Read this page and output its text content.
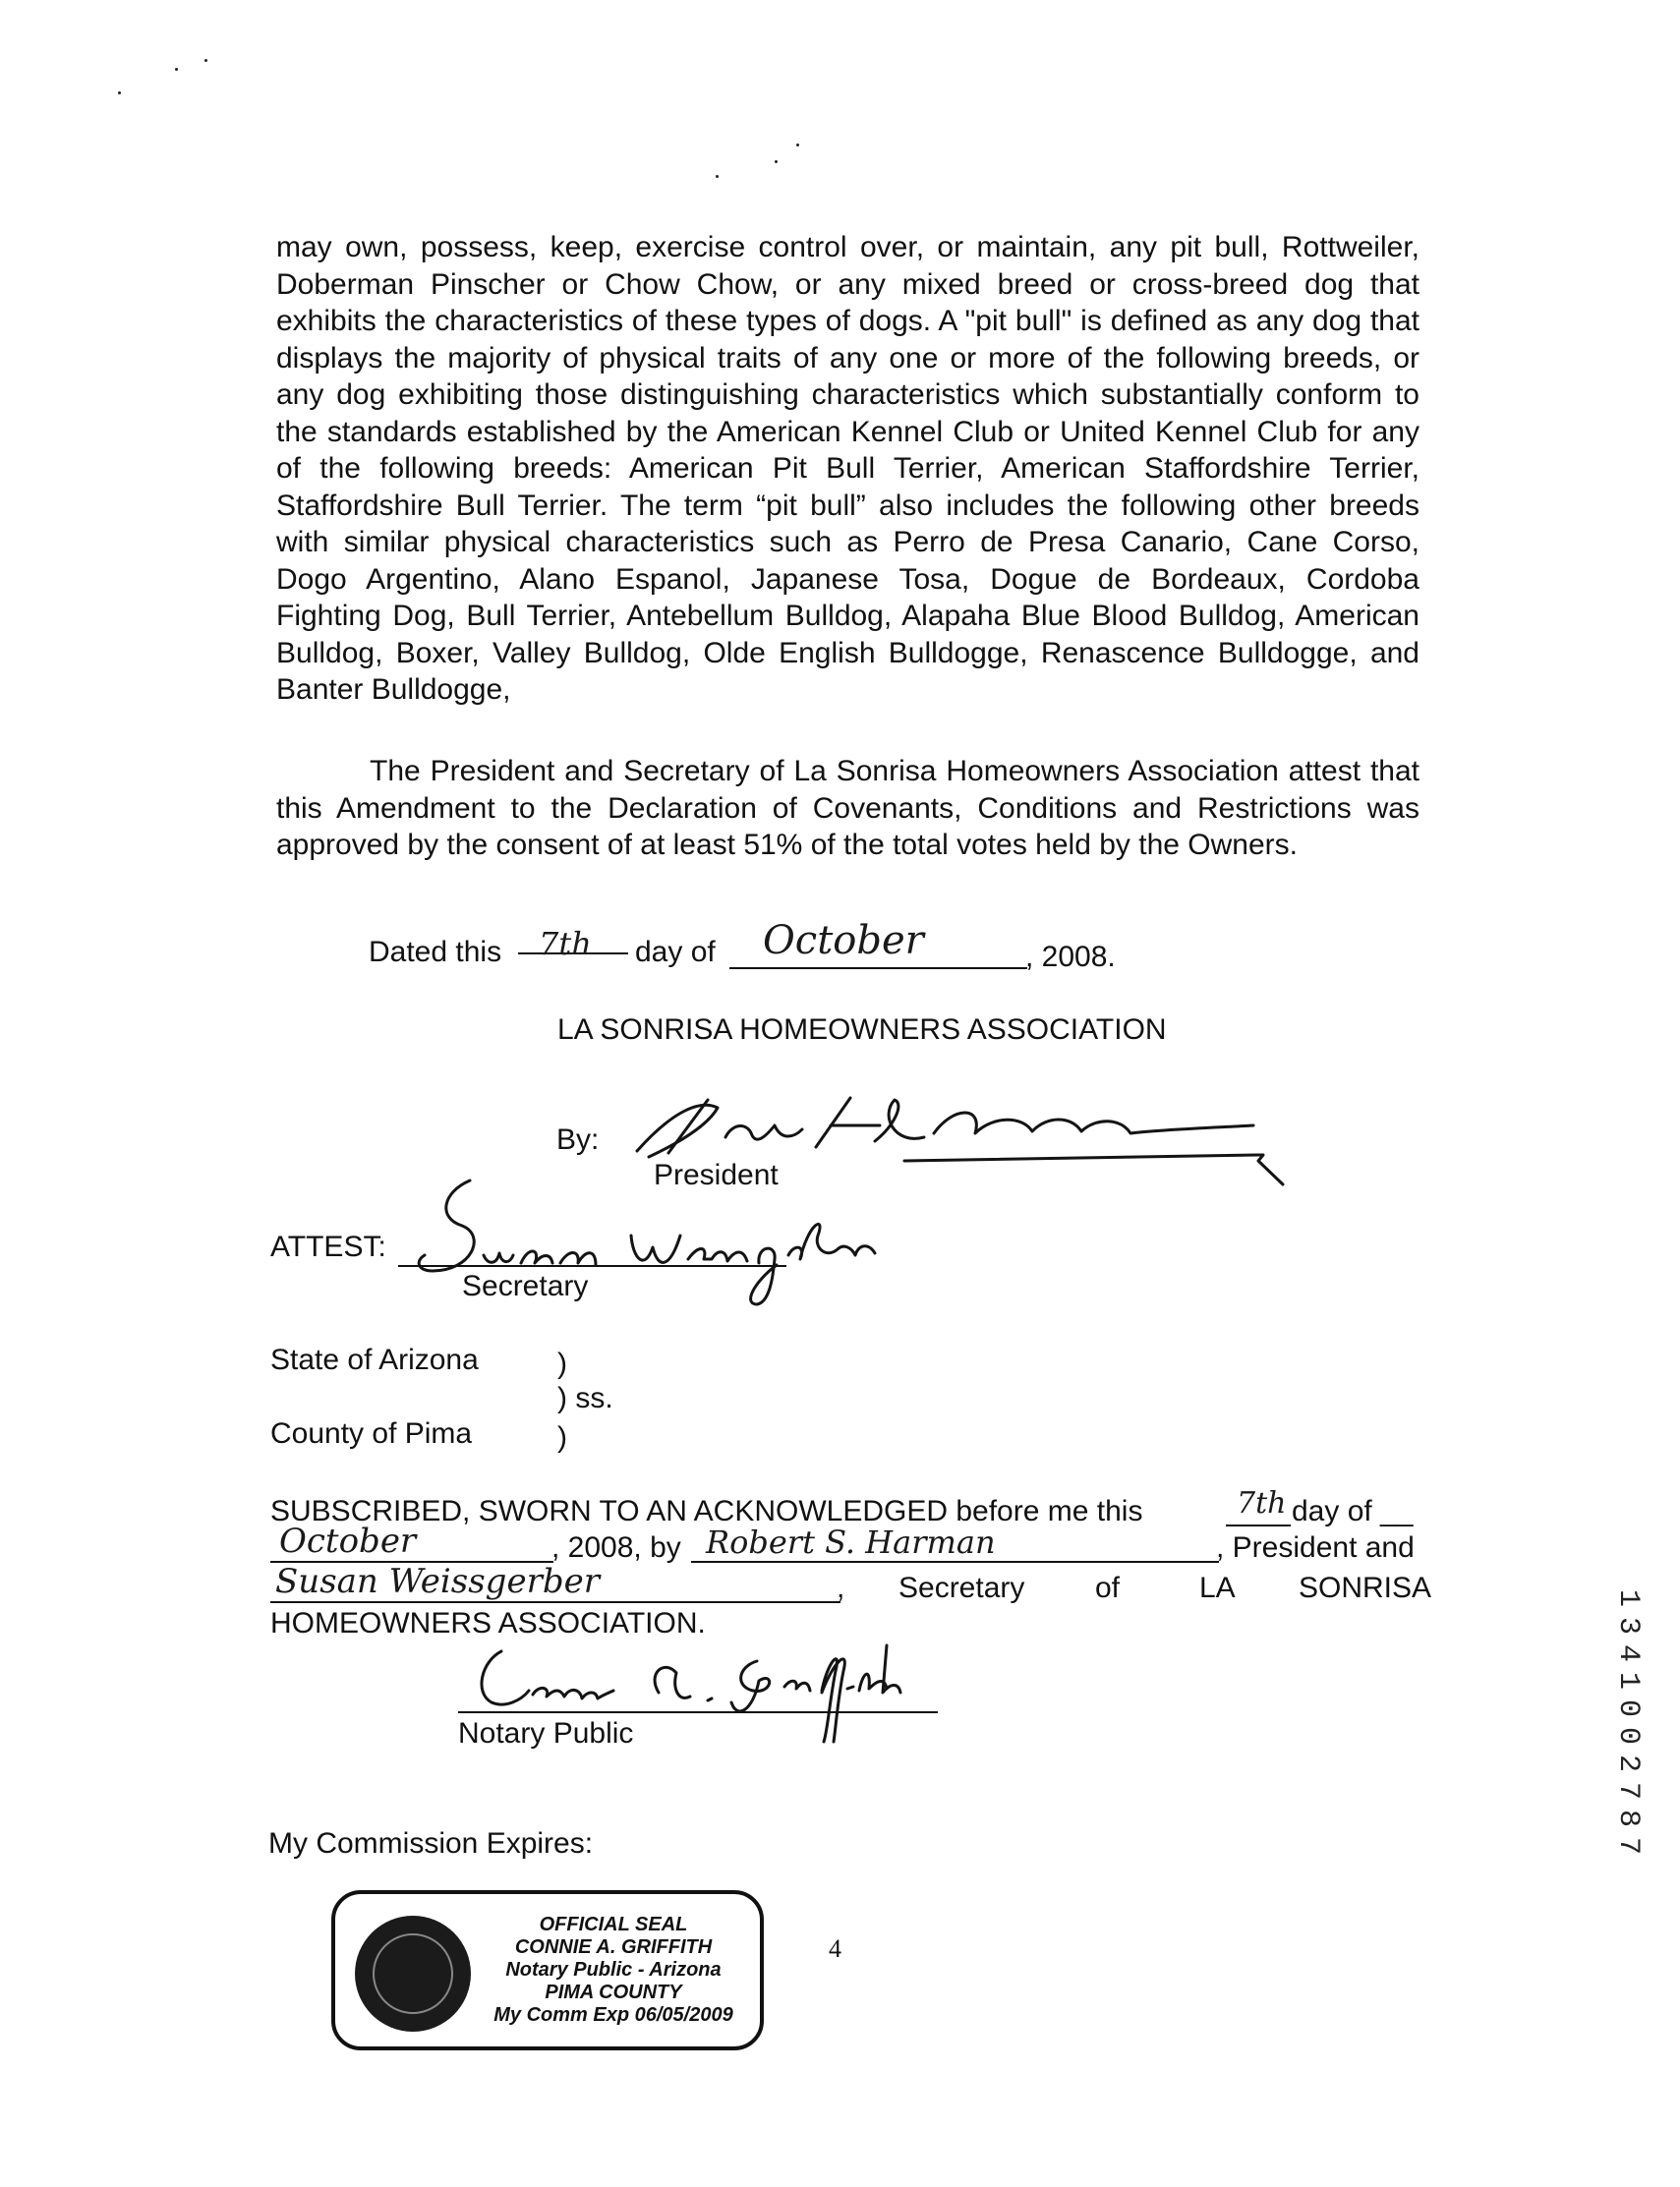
may own, possess, keep, exercise control over, or maintain, any pit bull, Rottweiler, Doberman Pinscher or Chow Chow, or any mixed breed or cross-breed dog that exhibits the characteristics of these types of dogs. A "pit bull" is defined as any dog that displays the majority of physical traits of any one or more of the following breeds, or any dog exhibiting those distinguishing characteristics which substantially conform to the standards established by the American Kennel Club or United Kennel Club for any of the following breeds: American Pit Bull Terrier, American Staffordshire Terrier, Staffordshire Bull Terrier. The term “pit bull” also includes the following other breeds with similar physical characteristics such as Perro de Presa Canario, Cane Corso, Dogo Argentino, Alano Espanol, Japanese Tosa, Dogue de Bordeaux, Cordoba Fighting Dog, Bull Terrier, Antebellum Bulldog, Alapaha Blue Blood Bulldog, American Bulldog, Boxer, Valley Bulldog, Olde English Bulldogge, Renascence Bulldogge, and Banter Bulldogge,

The President and Secretary of La Sonrisa Homeowners Association attest that this Amendment to the Declaration of Covenants, Conditions and Restrictions was approved by the consent of at least 51% of the total votes held by the Owners.

Dated this 7th day of October	, 2008.
LA SONRISA HOMEOWNERS ASSOCIATION
By:
President
ATTEST:
Secretary
State of Arizona	)
) ss.
County of Pima	)
SUBSCRIBED, SWORN TO AN ACKNOWLEDGED before me this	7th day of __
October	, 2008, by Robert S. Harman	, President and
Susan Weissgerber	, Secretary of	LA SONRISA
HOMEOWNERS ASSOCIATION.
Notary Public
My Commission Expires:
OFFICIAL SEAL
CONNIE A. GRIFFITH
Notary Public - Arizona
PIMA COUNTY
My Comm Exp 06/05/2009
4
1
3
4
1
0
0
2
7
8
7
